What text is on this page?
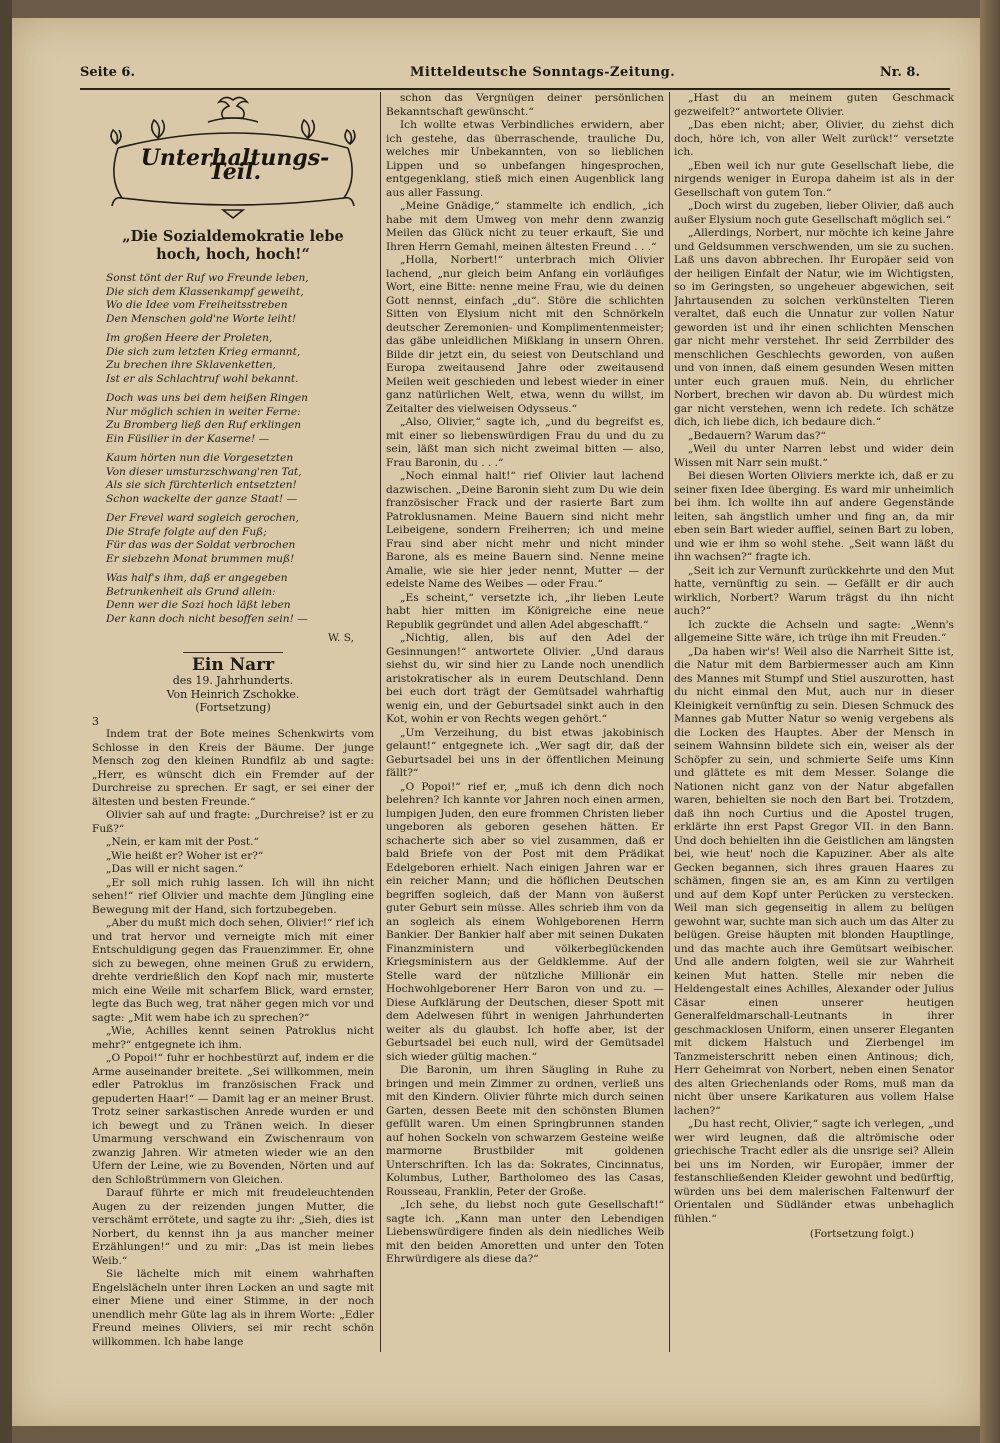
Seite 6.	Mitteldeutsche Sonntags-Zeitung.	Nr. 8.
Unterhaltungs-Teil.
„Die Sozialdemokratie lebe
hoch, hoch, hoch!“
Sonst tönt der Ruf wo Freunde leben,
Die sich dem Klassenkampf geweiht,
Wo die Idee vom Freiheitsstreben
Den Menschen gold'ne Worte leiht!
Im großen Heere der Proleten,
Die sich zum letzten Krieg ermannt,
Zu brechen ihre Sklavenketten,
Ist er als Schlachtruf wohl bekannt.
Doch was uns bei dem heißen Ringen
Nur möglich schien in weiter Ferne:
Zu Bromberg ließ den Ruf erklingen
Ein Füsilier in der Kaserne! —
Kaum hörten nun die Vorgesetzten
Von dieser umsturzschwang'ren Tat,
Als sie sich fürchterlich entsetzten!
Schon wackelte der ganze Staat! —
Der Frevel ward sogleich gerochen,
Die Strafe folgte auf den Fuß;
Für das was der Soldat verbrochen
Er siebzehn Monat brummen muß!
Was half's ihm, daß er angegeben
Betrunkenheit als Grund allein:
Denn wer die Sozi hoch läßt leben
Der kann doch nicht besoffen sein! —
W. S,
Ein Narr
des 19. Jahrhunderts.
Von Heinrich Zschokke.
(Fortsetzung)
3

Indem trat der Bote meines Schenkwirts vom Schlosse in den Kreis der Bäume. Der junge Mensch zog den kleinen Rundfilz ab und sagte: „Herr, es wünscht dich ein Fremder auf der Durchreise zu sprechen. Er sagt, er sei einer der ältesten und besten Freunde.“

Olivier sah auf und fragte: „Durchreise? ist er zu Fuß?“

„Nein, er kam mit der Post.“

„Wie heißt er? Woher ist er?“

„Das will er nicht sagen.“

„Er soll mich ruhig lassen. Ich will ihn nicht sehen!“ rief Olivier und machte dem Jüngling eine Bewegung mit der Hand, sich fortzubegeben.

„Aber du mußt mich doch sehen, Olivier!“ rief ich und trat hervor und verneigte mich mit einer Entschuldigung gegen das Frauenzimmer. Er, ohne sich zu bewegen, ohne meinen Gruß zu erwidern, drehte verdrießlich den Kopf nach mir, musterte mich eine Weile mit scharfem Blick, ward ernster, legte das Buch weg, trat näher gegen mich vor und sagte: „Mit wem habe ich zu sprechen?“

„Wie, Achilles kennt seinen Patroklus nicht mehr?“ entgegnete ich ihm.

„O Popoi!“ fuhr er hochbestürzt auf, indem er die Arme auseinander breitete. „Sei willkommen, mein edler Patroklus im französischen Frack und gepuderten Haar!“ — Damit lag er an meiner Brust. Trotz seiner sarkastischen Anrede wurden er und ich bewegt und zu Tränen weich. In dieser Umarmung verschwand ein Zwischenraum von zwanzig Jahren. Wir atmeten wieder wie an den Ufern der Leine, wie zu Bovenden, Nörten und auf den Schloßtrümmern von Gleichen.

Darauf führte er mich mit freudeleuchtenden Augen zu der reizenden jungen Mutter, die verschämt errötete, und sagte zu ihr: „Sieh, dies ist Norbert, du kennst ihn ja aus mancher meiner Erzählungen!“ und zu mir: „Das ist mein liebes Weib.“

Sie lächelte mich mit einem wahrhaften Engelslächeln unter ihren Locken an und sagte mit einer Miene und einer Stimme, in der noch unendlich mehr Güte lag als in ihrem Worte: „Edler Freund meines Oliviers, sei mir recht schön willkommen. Ich habe lange

schon das Vergnügen deiner persönlichen Bekanntschaft gewünscht.“

Ich wollte etwas Verbindliches erwidern, aber ich gestehe, das überraschende, trauliche Du, welches mir Unbekannten, von so lieblichen Lippen und so unbefangen hingesprochen, entgegenklang, stieß mich einen Augenblick lang aus aller Fassung.

„Meine Gnädige,“ stammelte ich endlich, „ich habe mit dem Umweg von mehr denn zwanzig Meilen das Glück nicht zu teuer erkauft, Sie und Ihren Herrn Gemahl, meinen ältesten Freund . . .“

„Holla, Norbert!“ unterbrach mich Olivier lachend, „nur gleich beim Anfang ein vorläufiges Wort, eine Bitte: nenne meine Frau, wie du deinen Gott nennst, einfach „du“. Störe die schlichten Sitten von Elysium nicht mit den Schnörkeln deutscher Zeremonien- und Komplimentenmeister; das gäbe unleidlichen Mißklang in unsern Ohren. Bilde dir jetzt ein, du seiest von Deutschland und Europa zweitausend Jahre oder zweitausend Meilen weit geschieden und lebest wieder in einer ganz natürlichen Welt, etwa, wenn du willst, im Zeitalter des vielweisen Odysseus.“

„Also, Olivier,“ sagte ich, „und du begreifst es, mit einer so liebenswürdigen Frau du und du zu sein, läßt man sich nicht zweimal bitten — also, Frau Baronin, du . . .“

„Noch einmal halt!“ rief Olivier laut lachend dazwischen. „Deine Baronin sieht zum Du wie dein französischer Frack und der rasierte Bart zum Patroklusnamen. Meine Bauern sind nicht mehr Leibeigene, sondern Freiherren; ich und meine Frau sind aber nicht mehr und nicht minder Barone, als es meine Bauern sind. Nenne meine Amalie, wie sie hier jeder nennt, Mutter — der edelste Name des Weibes — oder Frau.“

„Es scheint,“ versetzte ich, „ihr lieben Leute habt hier mitten im Königreiche eine neue Republik gegründet und allen Adel abgeschafft.“

„Nichtig, allen, bis auf den Adel der Gesinnungen!“ antwortete Olivier. „Und daraus siehst du, wir sind hier zu Lande noch unendlich aristokratischer als in eurem Deutschland. Denn bei euch dort trägt der Gemütsadel wahrhaftig wenig ein, und der Geburtsadel sinkt auch in den Kot, wohin er von Rechts wegen gehört.“

„Um Verzeihung, du bist etwas jakobinisch gelaunt!“ entgegnete ich. „Wer sagt dir, daß der Geburtsadel bei uns in der öffentlichen Meinung fällt?“

„O Popoi!“ rief er, „muß ich denn dich noch belehren? Ich kannte vor Jahren noch einen armen, lumpigen Juden, den eure frommen Christen lieber ungeboren als geboren gesehen hätten. Er schacherte sich aber so viel zusammen, daß er bald Briefe von der Post mit dem Prädikat Edelgeboren erhielt. Nach einigen Jahren war er ein reicher Mann; und die höflichen Deutschen begriffen sogleich, daß der Mann von äußerst guter Geburt sein müsse. Alles schrieb ihm von da an sogleich als einem Wohlgeborenen Herrn Bankier. Der Bankier half aber mit seinen Dukaten Finanzministern und völkerbeglückenden Kriegsministern aus der Geldklemme. Auf der Stelle ward der nützliche Millionär ein Hochwohlgeborener Herr Baron von und zu. — Diese Aufklärung der Deutschen, dieser Spott mit dem Adelwesen führt in wenigen Jahrhunderten weiter als du glaubst. Ich hoffe aber, ist der Geburtsadel bei euch null, wird der Gemütsadel sich wieder gültig machen.“

Die Baronin, um ihren Säugling in Ruhe zu bringen und mein Zimmer zu ordnen, verließ uns mit den Kindern. Olivier führte mich durch seinen Garten, dessen Beete mit den schönsten Blumen gefüllt waren. Um einen Springbrunnen standen auf hohen Sockeln von schwarzem Gesteine weiße marmorne Brustbilder mit goldenen Unterschriften. Ich las da: Sokrates, Cincinnatus, Kolumbus, Luther, Bartholomeo des las Casas, Rousseau, Franklin, Peter der Große.

„Ich sehe, du liebst noch gute Gesellschaft!“ sagte ich. „Kann man unter den Lebendigen Liebenswürdigere finden als dein niedliches Weib mit den beiden Amoretten und unter den Toten Ehrwürdigere als diese da?“

„Hast du an meinem guten Geschmack gezweifelt?“ antwortete Olivier.

„Das eben nicht; aber, Olivier, du ziehst dich doch, höre ich, von aller Welt zurück!“ versetzte ich.

„Eben weil ich nur gute Gesellschaft liebe, die nirgends weniger in Europa daheim ist als in der Gesellschaft von gutem Ton.“

„Doch wirst du zugeben, lieber Olivier, daß auch außer Elysium noch gute Gesellschaft möglich sei.“

„Allerdings, Norbert, nur möchte ich keine Jahre und Geldsummen verschwenden, um sie zu suchen. Laß uns davon abbrechen. Ihr Europäer seid von der heiligen Einfalt der Natur, wie im Wichtigsten, so im Geringsten, so ungeheuer abgewichen, seit Jahrtausenden zu solchen verkünstelten Tieren veraltet, daß euch die Unnatur zur vollen Natur geworden ist und ihr einen schlichten Menschen gar nicht mehr verstehet. Ihr seid Zerrbilder des menschlichen Geschlechts geworden, von außen und von innen, daß einem gesunden Wesen mitten unter euch grauen muß. Nein, du ehrlicher Norbert, brechen wir davon ab. Du würdest mich gar nicht verstehen, wenn ich redete. Ich schätze dich, ich liebe dich, ich bedaure dich.“

„Bedauern? Warum das?“

„Weil du unter Narren lebst und wider dein Wissen mit Narr sein mußt.“

Bei diesen Worten Oliviers merkte ich, daß er zu seiner fixen Idee überging. Es ward mir unheimlich bei ihm. Ich wollte ihn auf andere Gegenstände leiten, sah ängstlich umher und fing an, da mir eben sein Bart wieder auffiel, seinen Bart zu loben, und wie er ihm so wohl stehe. „Seit wann läßt du ihn wachsen?“ fragte ich.

„Seit ich zur Vernunft zurückkehrte und den Mut hatte, vernünftig zu sein. — Gefällt er dir auch wirklich, Norbert? Warum trägst du ihn nicht auch?“

Ich zuckte die Achseln und sagte: „Wenn's allgemeine Sitte wäre, ich trüge ihn mit Freuden.“

„Da haben wir's! Weil also die Narrheit Sitte ist, die Natur mit dem Barbiermesser auch am Kinn des Mannes mit Stumpf und Stiel auszurotten, hast du nicht einmal den Mut, auch nur in dieser Kleinigkeit vernünftig zu sein. Diesen Schmuck des Mannes gab Mutter Natur so wenig vergebens als die Locken des Hauptes. Aber der Mensch in seinem Wahnsinn bildete sich ein, weiser als der Schöpfer zu sein, und schmierte Seife ums Kinn und glättete es mit dem Messer. Solange die Nationen nicht ganz von der Natur abgefallen waren, behielten sie noch den Bart bei. Trotzdem, daß ihn noch Curtius und die Apostel trugen, erklärte ihn erst Papst Gregor VII. in den Bann. Und doch behielten ihn die Geistlichen am längsten bei, wie heut' noch die Kapuziner. Aber als alte Gecken begannen, sich ihres grauen Haares zu schämen, fingen sie an, es am Kinn zu vertilgen und auf dem Kopf unter Perücken zu verstecken. Weil man sich gegenseitig in allem zu belügen gewohnt war, suchte man sich auch um das Alter zu belügen. Greise häupten mit blonden Hauptlinge, und das machte auch ihre Gemütsart weibischer. Und alle andern folgten, weil sie zur Wahrheit keinen Mut hatten. Stelle mir neben die Heldengestalt eines Achilles, Alexander oder Julius Cäsar einen unserer heutigen Generalfeldmarschall-Leutnants in ihrer geschmacklosen Uniform, einen unserer Eleganten mit dickem Halstuch und Zierbengel im Tanzmeisterschritt neben einen Antinous; dich, Herr Geheimrat von Norbert, neben einen Senator des alten Griechenlands oder Roms, muß man da nicht über unsere Karikaturen aus vollem Halse lachen?“

„Du hast recht, Olivier,“ sagte ich verlegen, „und wer wird leugnen, daß die altrömische oder griechische Tracht edler als die unsrige sei? Allein bei uns im Norden, wir Europäer, immer der festanschließenden Kleider gewohnt und bedürftig, würden uns bei dem malerischen Faltenwurf der Orientalen und Südländer etwas unbehaglich fühlen.“

(Fortsetzung folgt.)
